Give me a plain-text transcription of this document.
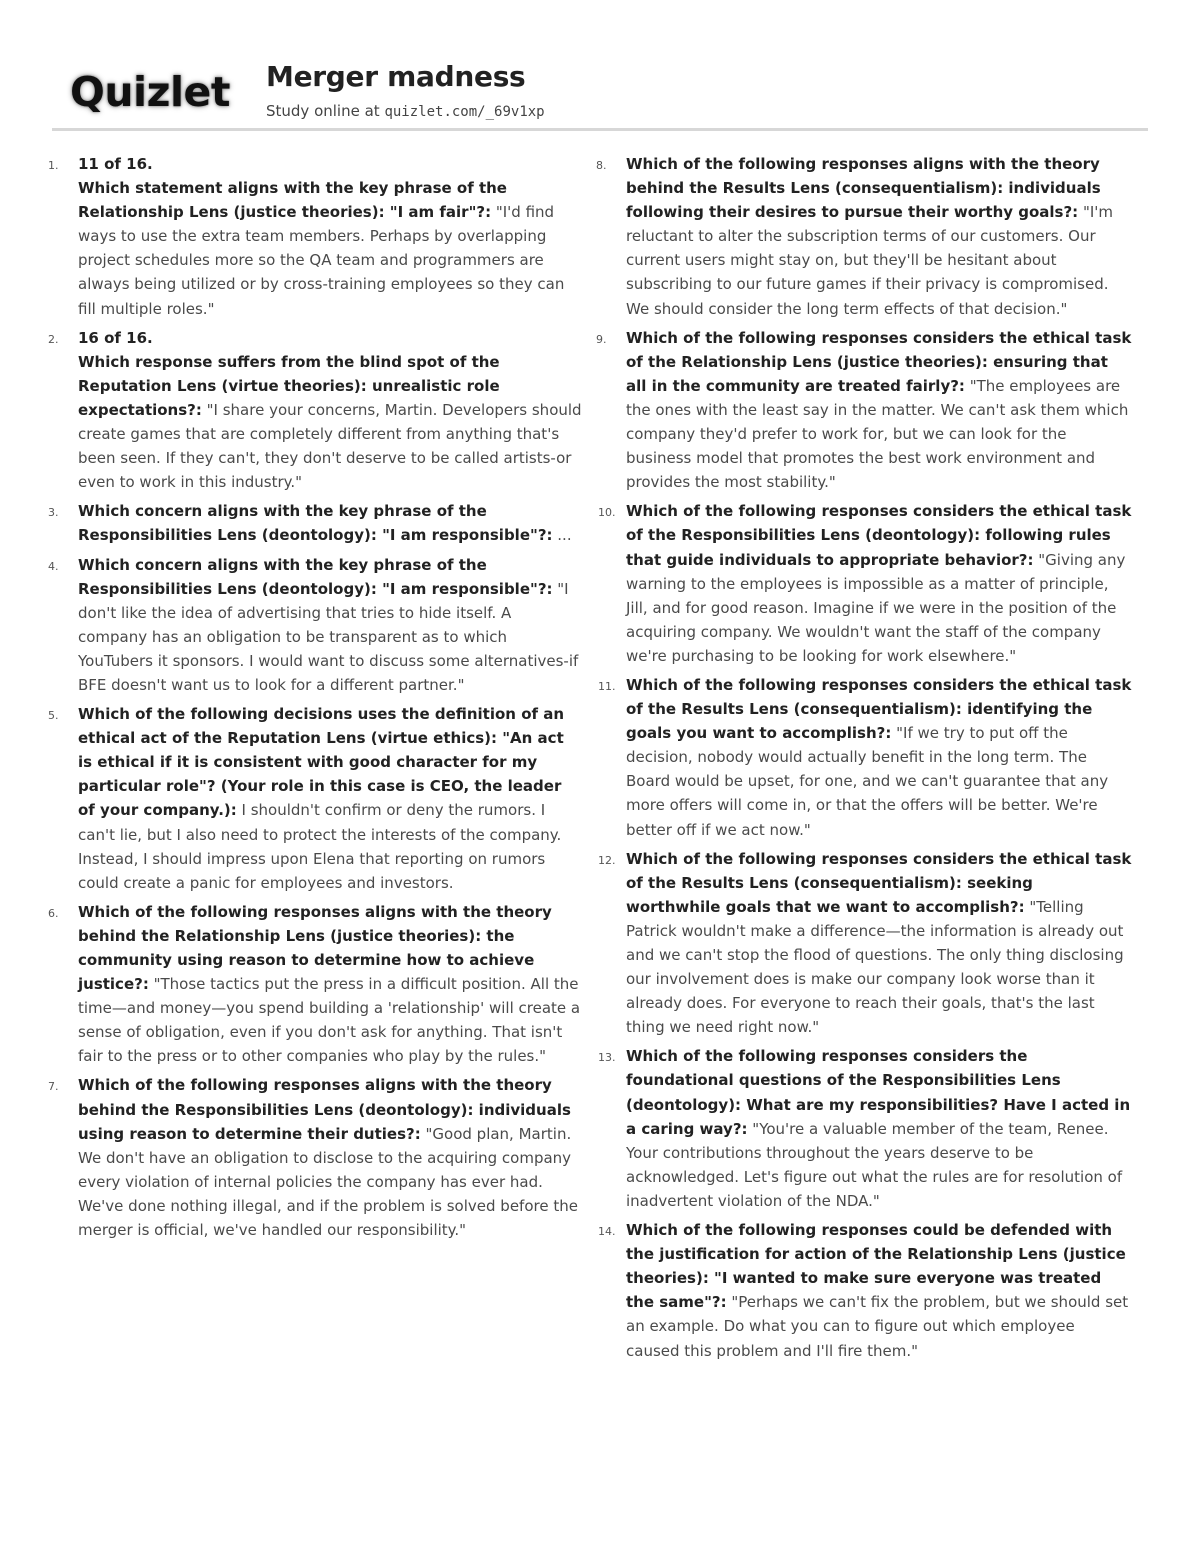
Quizlet Merger madness
Study online at quizlet.com/_69v1xp
1. 11 of 16.
Which statement aligns with the key phrase of the Relationship Lens (justice theories): "I am fair"?: "I'd find ways to use the extra team members. Perhaps by overlapping project schedules more so the QA team and programmers are always being utilized or by cross-training employees so they can fill multiple roles."
2. 16 of 16.
Which response suffers from the blind spot of the Reputation Lens (virtue theories): unrealistic role expectations?: "I share your concerns, Martin. Developers should create games that are completely different from anything that's been seen. If they can't, they don't deserve to be called artists-or even to work in this industry."
3. Which concern aligns with the key phrase of the Responsibilities Lens (deontology): "I am responsible"?: ...
4. Which concern aligns with the key phrase of the Responsibilities Lens (deontology): "I am responsible"?: "I don't like the idea of advertising that tries to hide itself. A company has an obligation to be transparent as to which YouTubers it sponsors. I would want to discuss some alternatives-if BFE doesn't want us to look for a different partner."
5. Which of the following decisions uses the definition of an ethical act of the Reputation Lens (virtue ethics): "An act is ethical if it is consistent with good character for my particular role"? (Your role in this case is CEO, the leader of your company.): I shouldn't confirm or deny the rumors. I can't lie, but I also need to protect the interests of the company. Instead, I should impress upon Elena that reporting on rumors could create a panic for employees and investors.
6. Which of the following responses aligns with the theory behind the Relationship Lens (justice theories): the community using reason to determine how to achieve justice?: "Those tactics put the press in a difficult position. All the time—and money—you spend building a 'relationship' will create a sense of obligation, even if you don't ask for anything. That isn't fair to the press or to other companies who play by the rules."
7. Which of the following responses aligns with the theory behind the Responsibilities Lens (deontology): individuals using reason to determine their duties?: "Good plan, Martin. We don't have an obligation to disclose to the acquiring company every violation of internal policies the company has ever had. We've done nothing illegal, and if the problem is solved before the merger is official, we've handled our responsibility."
8. Which of the following responses aligns with the theory behind the Results Lens (consequentialism): individuals following their desires to pursue their worthy goals?: "I'm reluctant to alter the subscription terms of our customers. Our current users might stay on, but they'll be hesitant about subscribing to our future games if their privacy is compromised. We should consider the long term effects of that decision."
9. Which of the following responses considers the ethical task of the Relationship Lens (justice theories): ensuring that all in the community are treated fairly?: "The employees are the ones with the least say in the matter. We can't ask them which company they'd prefer to work for, but we can look for the business model that promotes the best work environment and provides the most stability."
10. Which of the following responses considers the ethical task of the Responsibilities Lens (deontology): following rules that guide individuals to appropriate behavior?: "Giving any warning to the employees is impossible as a matter of principle, Jill, and for good reason. Imagine if we were in the position of the acquiring company. We wouldn't want the staff of the company we're purchasing to be looking for work elsewhere."
11. Which of the following responses considers the ethical task of the Results Lens (consequentialism): identifying the goals you want to accomplish?: "If we try to put off the decision, nobody would actually benefit in the long term. The Board would be upset, for one, and we can't guarantee that any more offers will come in, or that the offers will be better. We're better off if we act now."
12. Which of the following responses considers the ethical task of the Results Lens (consequentialism): seeking worthwhile goals that we want to accomplish?: "Telling Patrick wouldn't make a difference—the information is already out and we can't stop the flood of questions. The only thing disclosing our involvement does is make our company look worse than it already does. For everyone to reach their goals, that's the last thing we need right now."
13. Which of the following responses considers the foundational questions of the Responsibilities Lens (deontology): What are my responsibilities? Have I acted in a caring way?: "You're a valuable member of the team, Renee. Your contributions throughout the years deserve to be acknowledged. Let's figure out what the rules are for resolution of inadvertent violation of the NDA."
14. Which of the following responses could be defended with the justification for action of the Relationship Lens (justice theories): "I wanted to make sure everyone was treated the same"?: "Perhaps we can't fix the problem, but we should set an example. Do what you can to figure out which employee caused this problem and I'll fire them."
